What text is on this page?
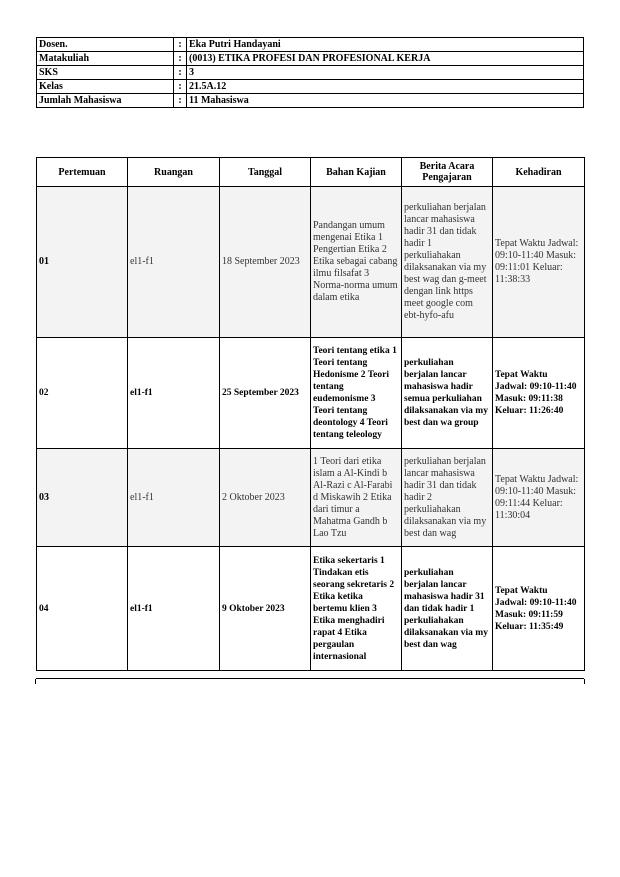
Dosen.	:	Eka Putri Handayani
Matakuliah	:	(0013) ETIKA PROFESI DAN PROFESIONAL KERJA
SKS	:	3
Kelas	:	21.5A.12
Jumlah Mahasiswa	:	11 Mahasiswa
Pertemuan	Ruangan	Tanggal	Bahan Kajian	Berita Acara Pengajaran	Kehadiran
01	el1-f1	18 September 2023	Pandangan umum mengenai Etika 1 Pengertian Etika 2 Etika sebagai cabang ilmu filsafat 3 Norma-norma umum dalam etika	perkuliahan berjalan lancar mahasiswa hadir 31 dan tidak hadir 1 perkuliahakan dilaksanakan via my best wag dan g-meet dengan link https meet google com ebt-hyfo-afu	Tepat Waktu Jadwal: 09:10-11:40 Masuk: 09:11:01 Keluar: 11:38:33
02	el1-f1	25 September 2023	Teori tentang etika 1 Teori tentang Hedonisme 2 Teori tentang eudemonisme 3 Teori tentang deontology 4 Teori tentang teleology	perkuliahan berjalan lancar mahasiswa hadir semua perkuliahan dilaksanakan via my best dan wa group	Tepat Waktu Jadwal: 09:10-11:40 Masuk: 09:11:38 Keluar: 11:26:40
03	el1-f1	2 Oktober 2023	1 Teori dari etika islam a Al-Kindi b Al-Razi c Al-Farabi d Miskawih 2 Etika dari timur a Mahatma Gandh b Lao Tzu	perkuliahan berjalan lancar mahasiswa hadir 31 dan tidak hadir 2 perkuliahakan dilaksanakan via my best dan wag	Tepat Waktu Jadwal: 09:10-11:40 Masuk: 09:11:44 Keluar: 11:30:04
04	el1-f1	9 Oktober 2023	Etika sekertaris 1 Tindakan etis seorang sekretaris 2 Etika ketika bertemu klien 3 Etika menghadiri rapat 4 Etika pergaulan internasional	perkuliahan berjalan lancar mahasiswa hadir 31 dan tidak hadir 1 perkuliahakan dilaksanakan via my best dan wag	Tepat Waktu Jadwal: 09:10-11:40 Masuk: 09:11:59 Keluar: 11:35:49
